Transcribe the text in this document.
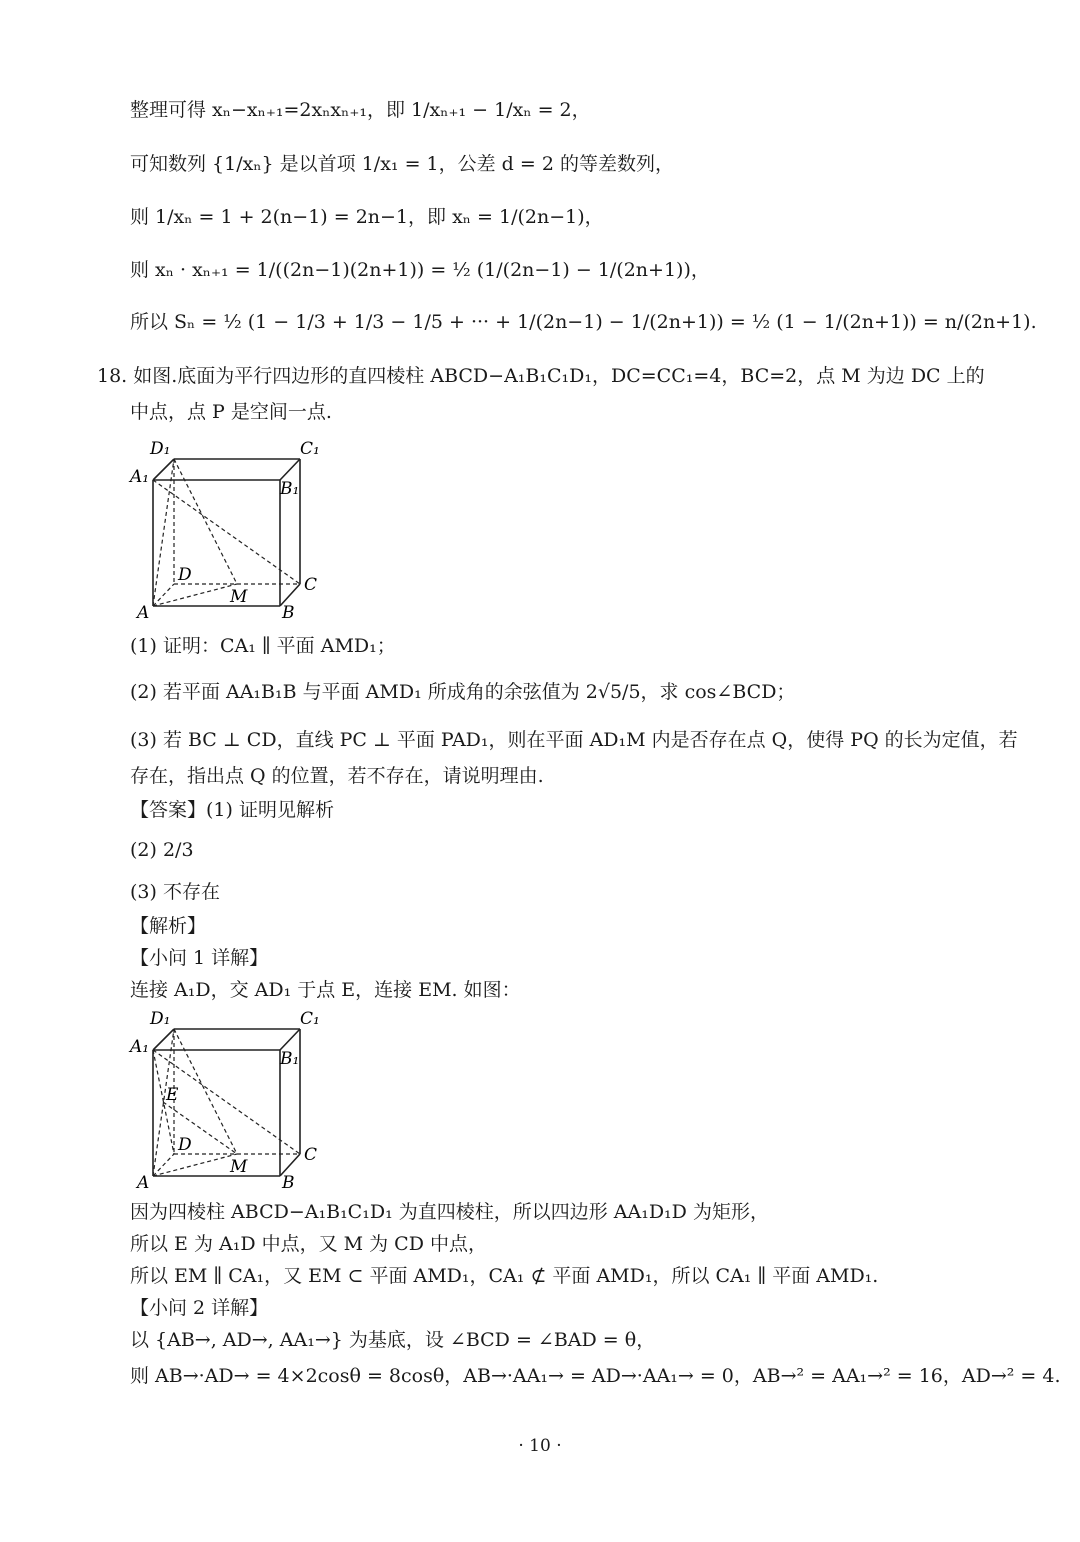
整理可得 xₙ−xₙ₊₁=2xₙxₙ₊₁，即 1/xₙ₊₁ − 1/xₙ = 2，
可知数列 {1/xₙ} 是以首项 1/x₁ = 1，公差 d = 2 的等差数列，
则 1/xₙ = 1 + 2(n−1) = 2n−1，即 xₙ = 1/(2n−1)，
则 xₙ · xₙ₊₁ = 1/((2n−1)(2n+1)) = ½ (1/(2n−1) − 1/(2n+1))，
所以 Sₙ = ½ (1 − 1/3 + 1/3 − 1/5 + ··· + 1/(2n−1) − 1/(2n+1)) = ½ (1 − 1/(2n+1)) = n/(2n+1).
18. 如图.底面为平行四边形的直四棱柱 ABCD−A₁B₁C₁D₁，DC=CC₁=4，BC=2，点 M 为边 DC 上的
中点，点 P 是空间一点.
D₁	C₁
A₁
B₁
D	C
M
A	B
(1) 证明：CA₁ ∥ 平面 AMD₁；
(2) 若平面 AA₁B₁B 与平面 AMD₁ 所成角的余弦值为 2√5/5，求 cos∠BCD；
(3) 若 BC ⊥ CD，直线 PC ⊥ 平面 PAD₁，则在平面 AD₁M 内是否存在点 Q，使得 PQ 的长为定值，若
存在，指出点 Q 的位置，若不存在，请说明理由.
【答案】(1) 证明见解析
(2) 2/3
(3) 不存在
【解析】
【小问 1 详解】
连接 A₁D，交 AD₁ 于点 E，连接 EM. 如图：
D₁	C₁
A₁
B₁
E
D	C
M
A	B
因为四棱柱 ABCD−A₁B₁C₁D₁ 为直四棱柱，所以四边形 AA₁D₁D 为矩形，
所以 E 为 A₁D 中点，又 M 为 CD 中点，
所以 EM ∥ CA₁，又 EM ⊂ 平面 AMD₁，CA₁ ⊄ 平面 AMD₁，所以 CA₁ ∥ 平面 AMD₁.
【小问 2 详解】
以 {AB→, AD→, AA₁→} 为基底，设 ∠BCD = ∠BAD = θ，
则 AB→·AD→ = 4×2cosθ = 8cosθ，AB→·AA₁→ = AD→·AA₁→ = 0，AB→² = AA₁→² = 16，AD→² = 4.
· 10 ·
